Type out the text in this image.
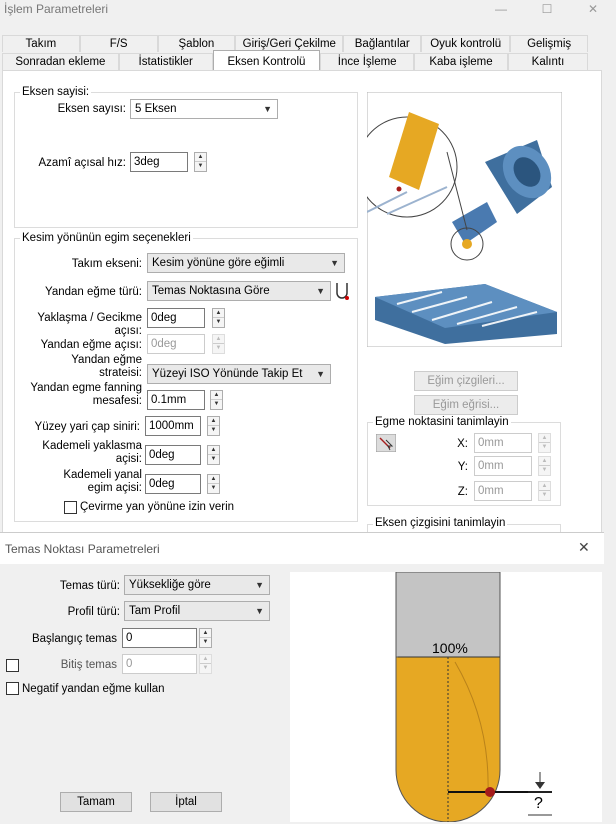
İşlem Parametreleri	—	☐	✕
Takım	F/S	Şablon	Giriş/Geri Çekilme	Bağlantılar	Oyuk kontrolü	Gelişmiş
Sonradan ekleme	İstatistikler	Eksen Kontrolü	İnce İşleme	Kaba işleme	Kalıntı
Eksen sayisi:
Eksen sayısı: 5 Eksen	▼
Azamî açısal hız: 3deg	▲
▼
Kesim yönünün egim seçenekleri
Takım ekseni: Kesim yönüne göre eğimli	▼
Yandan eğme türü: Temas Noktasına Göre	▼
Yaklaşma / Gecikme açısı:
0deg	▲
▼
Yandan eğme açısı: 0deg	▲
▼
Yandan eğme
strateisi: Yüzeyi ISO Yönünde Takip Et ▼
Yandan egme fanning
mesafesi: 0.1mm	▲
▼
Yüzey yari çap siniri: 1000mm	▲
▼
Kademeli yaklasma
açisi: 0deg	▲
▼
Kademeli yanal
egim açisi: 0deg	▲
▼
Çevirme yan yönüne izin verin
Eğim çizgileri...
Eğim eğrisi...
Egme noktasini tanimlayin
X: 0mm	▲
▼
Y: 0mm	▲
▼
Z: 0mm	▲
▼
Eksen çizgisini tanimlayin
Temas Noktası Parametreleri	✕
Temas türü: Yüksekliğe göre	▼
Profil türü: Tam Profil	▼
Başlangıç temas 0	▲
▼
Bitiş temas 0	▲
▼
Negatif yandan eğme kullan
Tamam	İptal
100%
?
